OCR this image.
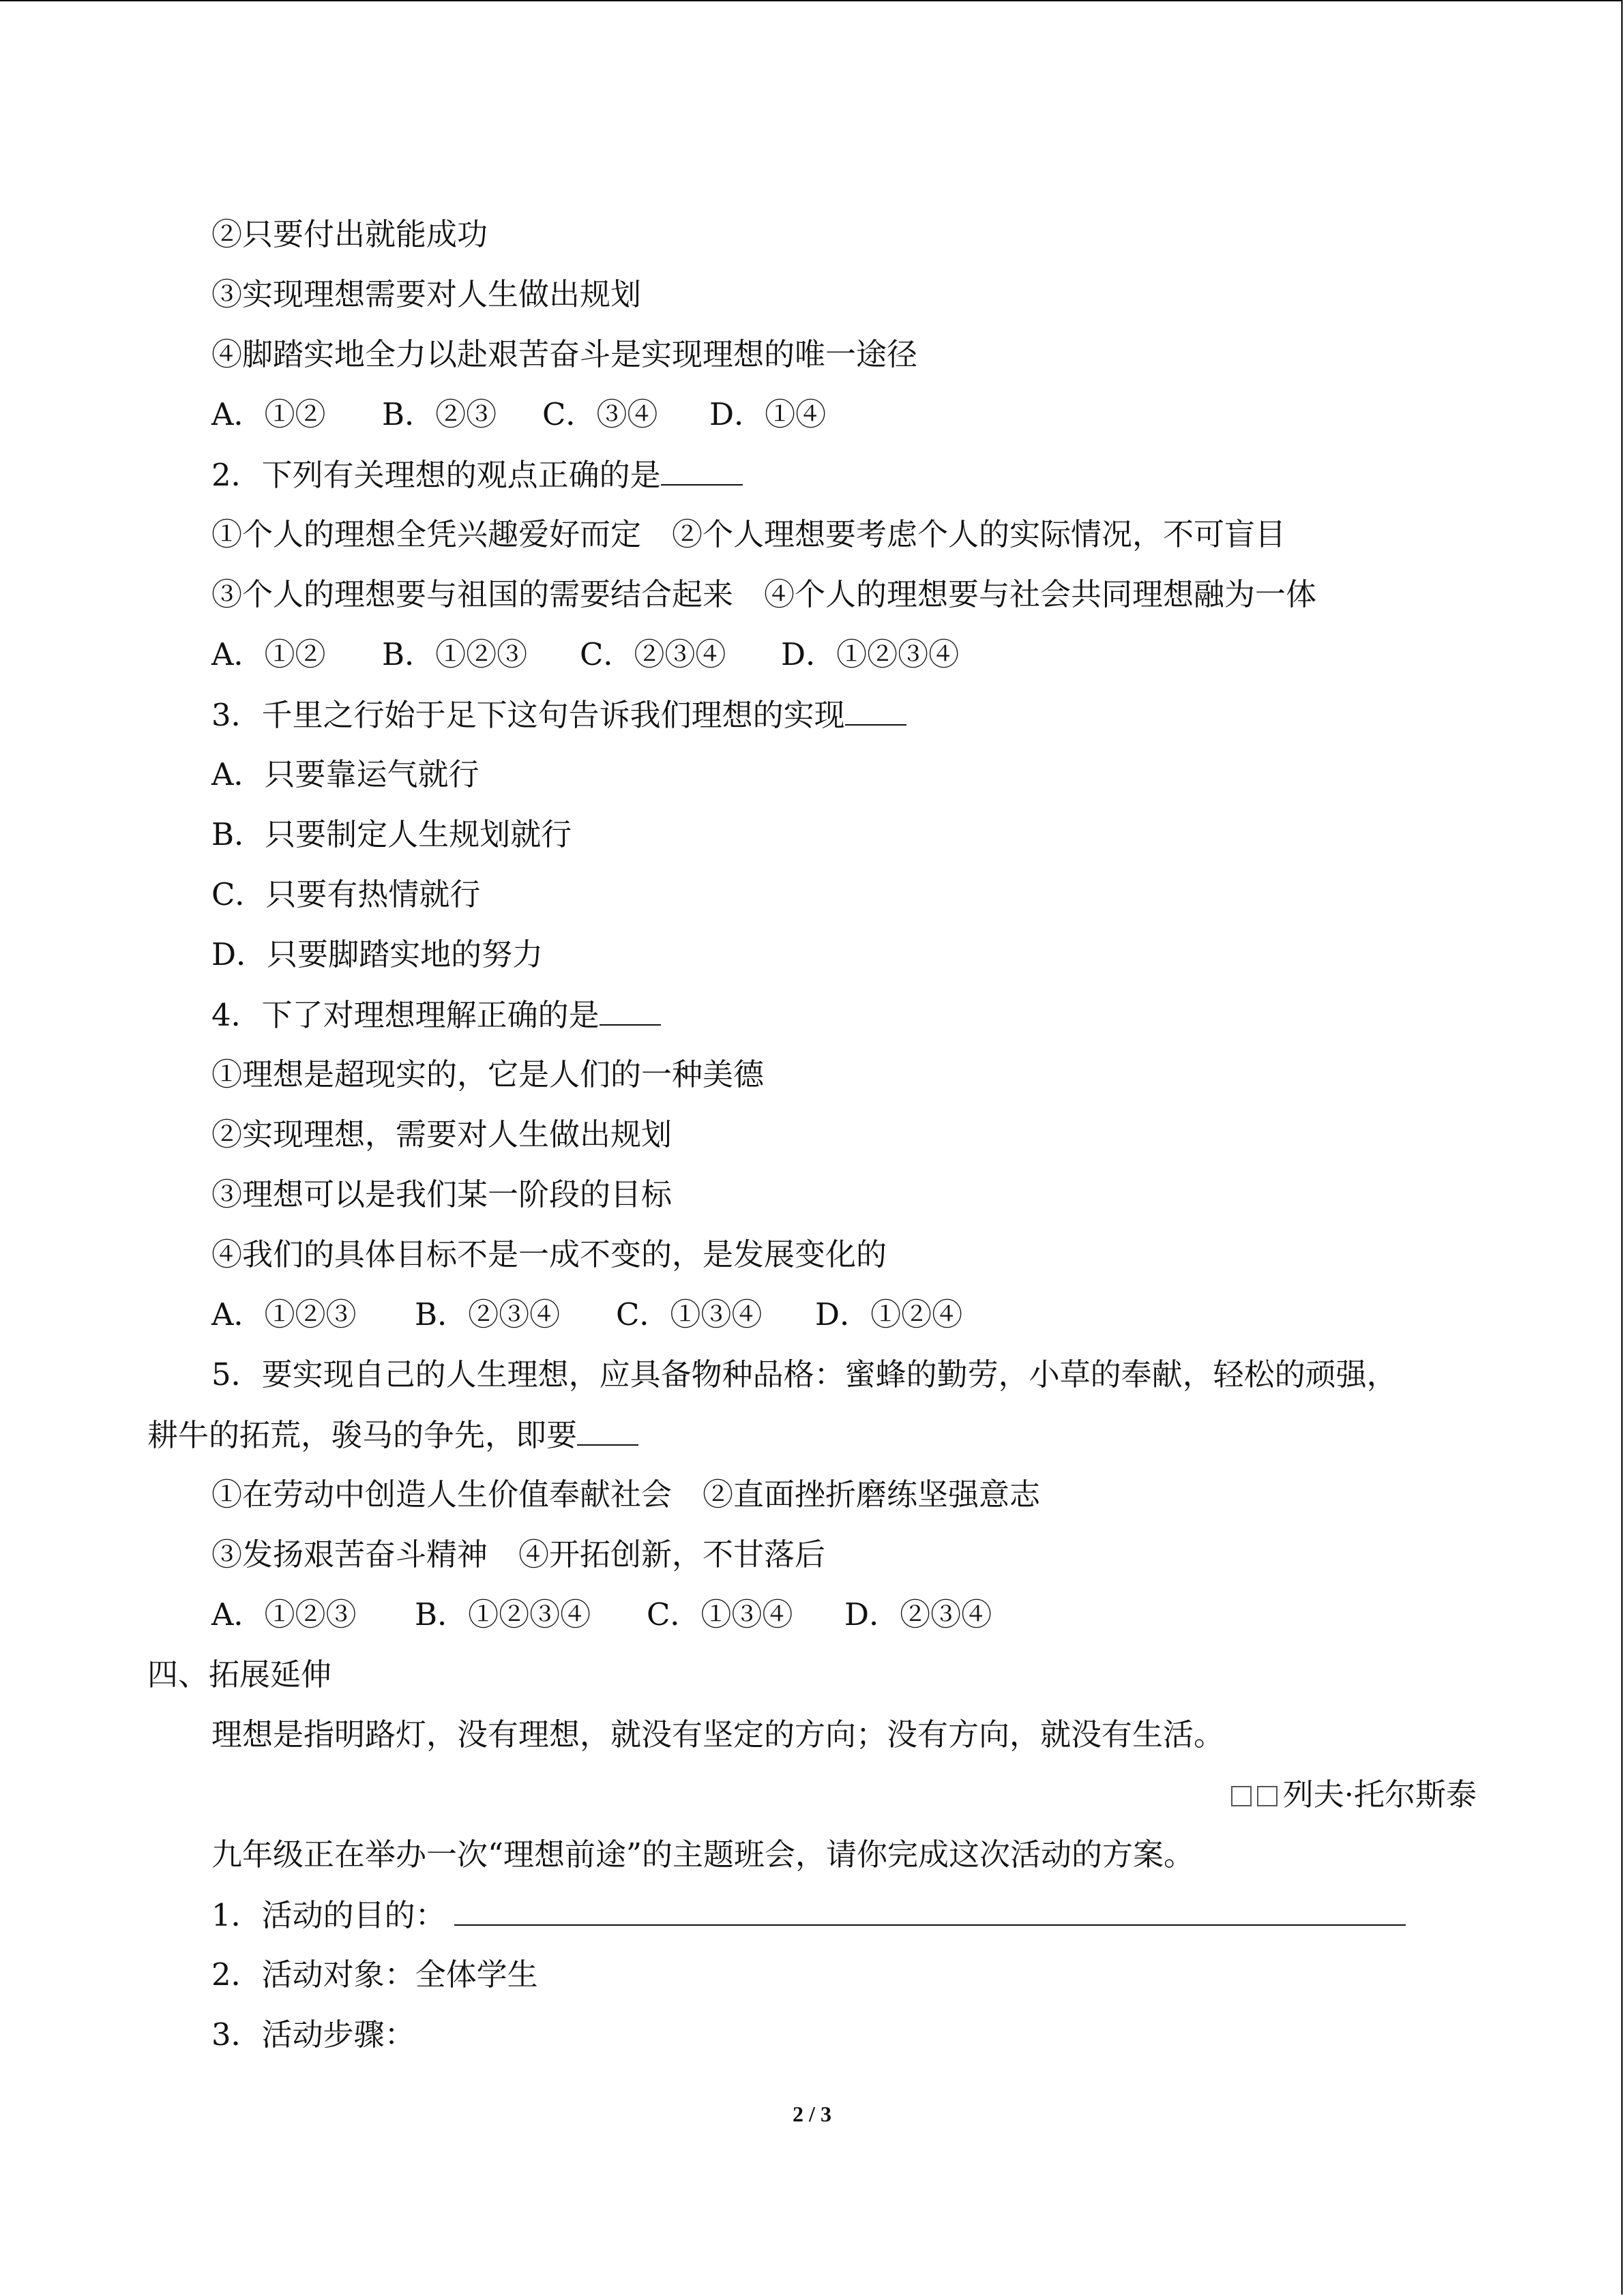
②只要付出就能成功
③实现理想需要对人生做出规划
④脚踏实地全力以赴艰苦奋斗是实现理想的唯一途径
A．①② B．②③ C．③④ D．①④
2．下列有关理想的观点正确的是
①个人的理想全凭兴趣爱好而定　②个人理想要考虑个人的实际情况，不可盲目
③个人的理想要与祖国的需要结合起来　④个人的理想要与社会共同理想融为一体
A．①② B．①②③ C．②③④ D．①②③④
3．千里之行始于足下这句告诉我们理想的实现
A．只要靠运气就行
B．只要制定人生规划就行
C．只要有热情就行
D．只要脚踏实地的努力
4．下了对理想理解正确的是
①理想是超现实的，它是人们的一种美德
②实现理想，需要对人生做出规划
③理想可以是我们某一阶段的目标
④我们的具体目标不是一成不变的，是发展变化的
A．①②③ B．②③④ C．①③④ D．①②④
5．要实现自己的人生理想，应具备物种品格：蜜蜂的勤劳，小草的奉献，轻松的顽强，
耕牛的拓荒，骏马的争先，即要
①在劳动中创造人生价值奉献社会　②直面挫折磨练坚强意志
③发扬艰苦奋斗精神　④开拓创新，不甘落后
A．①②③ B．①②③④ C．①③④ D．②③④
四、拓展延伸
理想是指明路灯，没有理想，就没有坚定的方向；没有方向，就没有生活。
列夫·托尔斯泰
九年级正在举办一次“理想前途”的主题班会，请你完成这次活动的方案。
1．活动的目的：
2．活动对象：全体学生
3．活动步骤：
2 / 3
